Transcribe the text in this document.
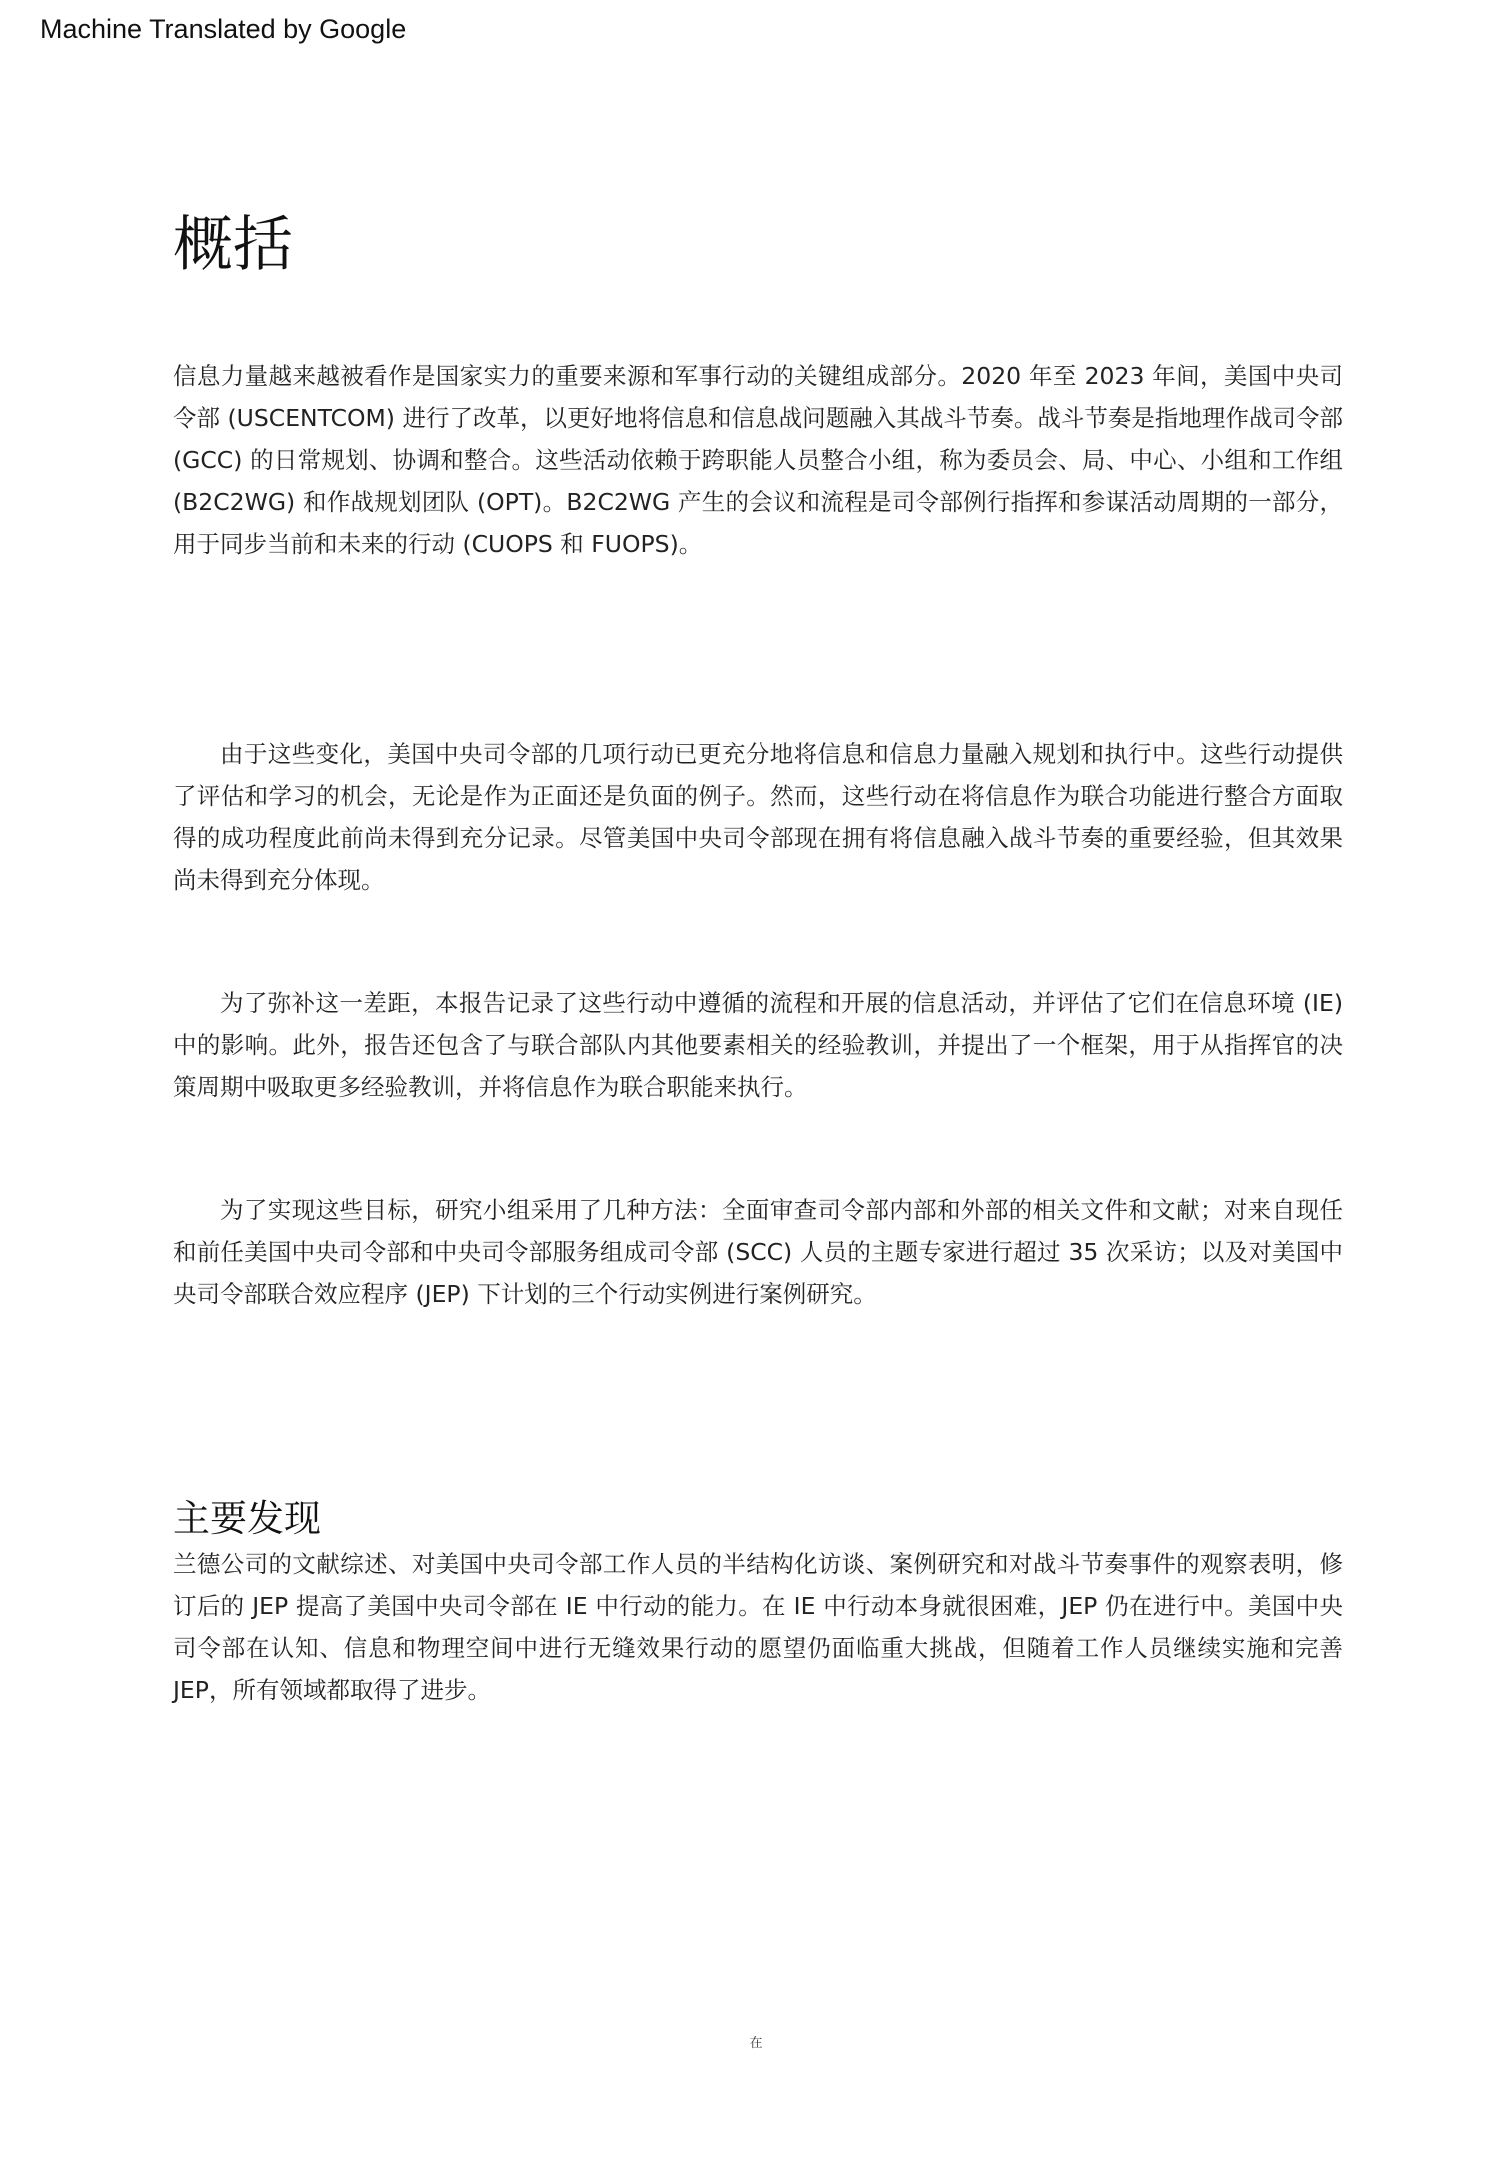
Machine Translated by Google
概括

信息力量越来越被看作是国家实力的重要来源和军事行动的关键组成部分。2020 年至 2023 年间，美国中央司令部 (USCENTCOM) 进行了改革，以更好地将信息和信息战问题融入其战斗节奏。战斗节奏是指地理作战司令部 (GCC) 的日常规划、协调和整合。这些活动依赖于跨职能人员整合小组，称为委员会、局、中心、小组和工作组 (B2C2WG) 和作战规划团队 (OPT)。B2C2WG 产生的会议和流程是司令部例行指挥和参谋活动周期的一部分，用于同步当前和未来的行动 (CUOPS 和 FUOPS)。

由于这些变化，美国中央司令部的几项行动已更充分地将信息和信息力量融入规划和执行中。这些行动提供了评估和学习的机会，无论是作为正面还是负面的例子。然而，这些行动在将信息作为联合功能进行整合方面取得的成功程度此前尚未得到充分记录。尽管美国中央司令部现在拥有将信息融入战斗节奏的重要经验，但其效果尚未得到充分体现。

为了弥补这一差距，本报告记录了这些行动中遵循的流程和开展的信息活动，并评估了它们在信息环境 (IE) 中的影响。此外，报告还包含了与联合部队内其他要素相关的经验教训，并提出了一个框架，用于从指挥官的决策周期中吸取更多经验教训，并将信息作为联合职能来执行。

为了实现这些目标，研究小组采用了几种方法：全面审查司令部内部和外部的相关文件和文献；对来自现任和前任美国中央司令部和中央司令部服务组成司令部 (SCC) 人员的主题专家进行超过 35 次采访；以及对美国中央司令部联合效应程序 (JEP) 下计划的三个行动实例进行案例研究。

主要发现

兰德公司的文献综述、对美国中央司令部工作人员的半结构化访谈、案例研究和对战斗节奏事件的观察表明，修订后的 JEP 提高了美国中央司令部在 IE 中行动的能力。在 IE 中行动本身就很困难，JEP 仍在进行中。美国中央司令部在认知、信息和物理空间中进行无缝效果行动的愿望仍面临重大挑战，但随着工作人员继续实施和完善 JEP，所有领域都取得了进步。

在
